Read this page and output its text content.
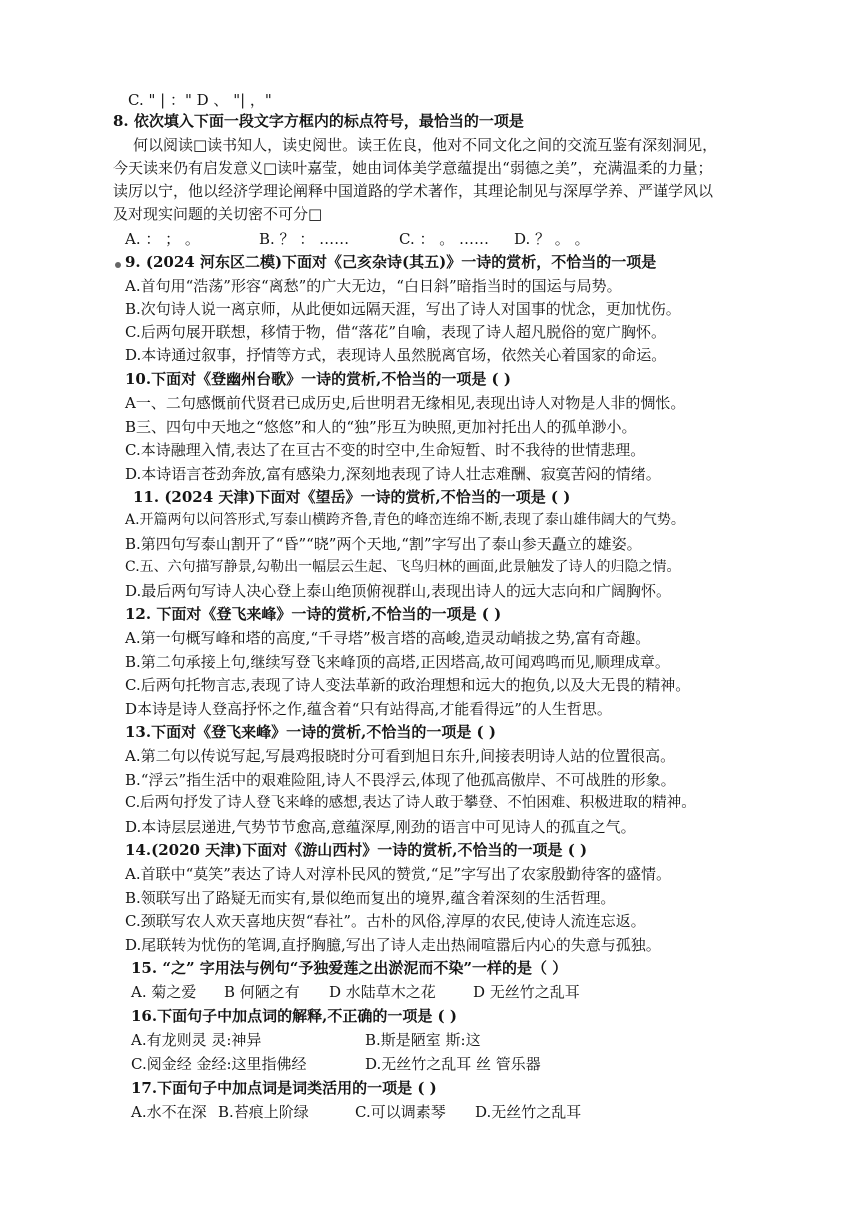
C. " | ：" D 、 "| ，"
8. 依次填入下面一段文字方框内的标点符号，最恰当的一项是
何以阅读□读书知人，读史阅世。读王佐良，他对不同文化之间的交流互鉴有深刻洞见，
今天读来仍有启发意义□读叶嘉莹，她由词体美学意蕴提出“弱德之美”，充满温柔的力量；
读厉以宁，他以经济学理论阐释中国道路的学术著作，其理论制见与深厚学养、严谨学风以
及对现实问题的关切密不可分□
A. ： ； 。	B. ？ ： ……	C. ： 。 …… D. ？ 。 。
9. (2024 河东区二模)下面对《己亥杂诗(其五)》一诗的赏析，不恰当的一项是
A.首句用“浩荡”形容“离愁”的广大无边，“白日斜”暗指当时的国运与局势。
B.次句诗人说一离京师，从此便如远隔天涯，写出了诗人对国事的忧念，更加忧伤。
C.后两句展开联想，移情于物，借“落花”自喻，表现了诗人超凡脱俗的宽广胸怀。
D.本诗通过叙事，抒情等方式，表现诗人虽然脱离官场，依然关心着国家的命运。
10.下面对《登幽州台歌》一诗的赏析,不恰当的一项是 ( )
A一、二句感慨前代贤君已成历史,后世明君无缘相见,表现出诗人对物是人非的惆怅。
B三、四句中天地之“悠悠”和人的“独”彤互为映照,更加衬托出人的孤单渺小。
C.本诗融理入情,表达了在亘古不变的时空中,生命短暂、时不我待的世情悲理。
D.本诗语言苍劲奔放,富有感染力,深刻地表现了诗人壮志难酬、寂寞苦闷的情绪。
11. (2024 天津)下面对《望岳》一诗的赏析,不恰当的一项是 ( )
A.开篇两句以问答形式,写泰山横跨齐鲁,青色的峰峦连绵不断,表现了泰山雄伟阔大的气势。
B.第四句写泰山割开了“昏”“晓”两个天地,“割”字写出了泰山参天矗立的雄姿。
C.五、六句描写静景,勾勒出一幅层云生起、飞鸟归林的画面,此景触发了诗人的归隐之情。
D.最后两句写诗人决心登上泰山绝顶俯视群山,表现出诗人的远大志向和广阔胸怀。
12. 下面对《登飞来峰》一诗的赏析,不恰当的一项是 ( )
A.第一句概写峰和塔的高度,“千寻塔”极言塔的高峻,造灵动峭拔之势,富有奇趣。
B.第二句承接上句,继续写登飞来峰顶的高塔,正因塔高,故可闻鸡鸣而见,顺理成章。
C.后两句托物言志,表现了诗人变法革新的政治理想和远大的抱负,以及大无畏的精神。
D本诗是诗人登高抒怀之作,蕴含着“只有站得高,才能看得远”的人生哲思。
13.下面对《登飞来峰》一诗的赏析,不恰当的一项是 ( )
A.第二句以传说写起,写晨鸡报晓时分可看到旭日东升,间接表明诗人站的位置很高。
B.“浮云”指生活中的艰难险阻,诗人不畏浮云,体现了他孤高傲岸、不可战胜的形象。
C.后两句抒发了诗人登飞来峰的感想,表达了诗人敢于攀登、不怕困难、积极进取的精神。
D.本诗层层递进,气势节节愈高,意蕴深厚,刚劲的语言中可见诗人的孤直之气。
14.(2020 天津)下面对《游山西村》一诗的赏析,不恰当的一项是 ( )
A.首联中“莫笑”表达了诗人对淳朴民风的赞赏,“足”字写出了农家殷勤待客的盛情。
B.领联写出了路疑无而实有,景似绝而复出的境界,蕴含着深刻的生活哲理。
C.颈联写农人欢天喜地庆贺“春社”。古朴的风俗,淳厚的农民,使诗人流连忘返。
D.尾联转为忧伤的笔调,直抒胸臆,写出了诗人走出热闹喧嚣后内心的失意与孤独。
15. “之” 字用法与例句“予独爱莲之出淤泥而不染”一样的是（ ）
A. 菊之爱 B 何陋之有 D 水陆草木之花 D 无丝竹之乱耳
16.下面句子中加点词的解释,不正确的一项是 ( )
A.有龙则灵 灵:神异	B.斯是陋室 斯:这
C.阅金经 金经:这里指佛经	D.无丝竹之乱耳 丝 管乐器
17.下面句子中加点词是词类活用的一项是 ( )
A.水不在深 B.苔痕上阶绿	C.可以调素琴 D.无丝竹之乱耳
